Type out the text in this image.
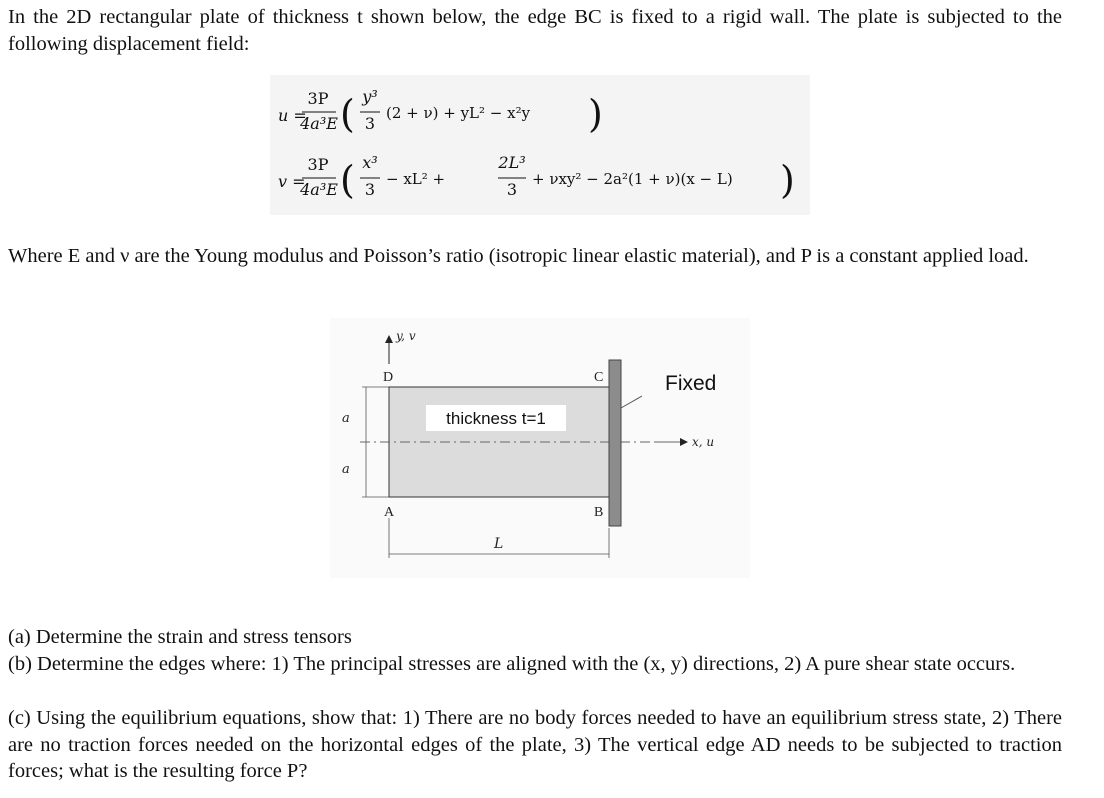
In the 2D rectangular plate of thickness t shown below, the edge BC is fixed to a rigid wall. The plate is subjected to the following displacement field:

u =
3P
4a³E ( y³
3
(2 + ν) + yL² − x²y )
v =
3P
4a³E ( x³
3
− xL² +
2L³
3
+ νxy² − 2a²(1 + ν)(x − L) )

Where E and ν are the Young modulus and Poisson’s ratio (isotropic linear elastic material), and P is a constant applied load.

y, v
x, u
D	C
A	B
Fixed
thickness t=1
a
a
L

(a) Determine the strain and stress tensors

(b) Determine the edges where: 1) The principal stresses are aligned with the (x, y) directions, 2) A pure shear state occurs.

(c) Using the equilibrium equations, show that: 1) There are no body forces needed to have an equilibrium stress state, 2) There are no traction forces needed on the horizontal edges of the plate, 3) The vertical edge AD needs to be subjected to traction forces; what is the resulting force P?
